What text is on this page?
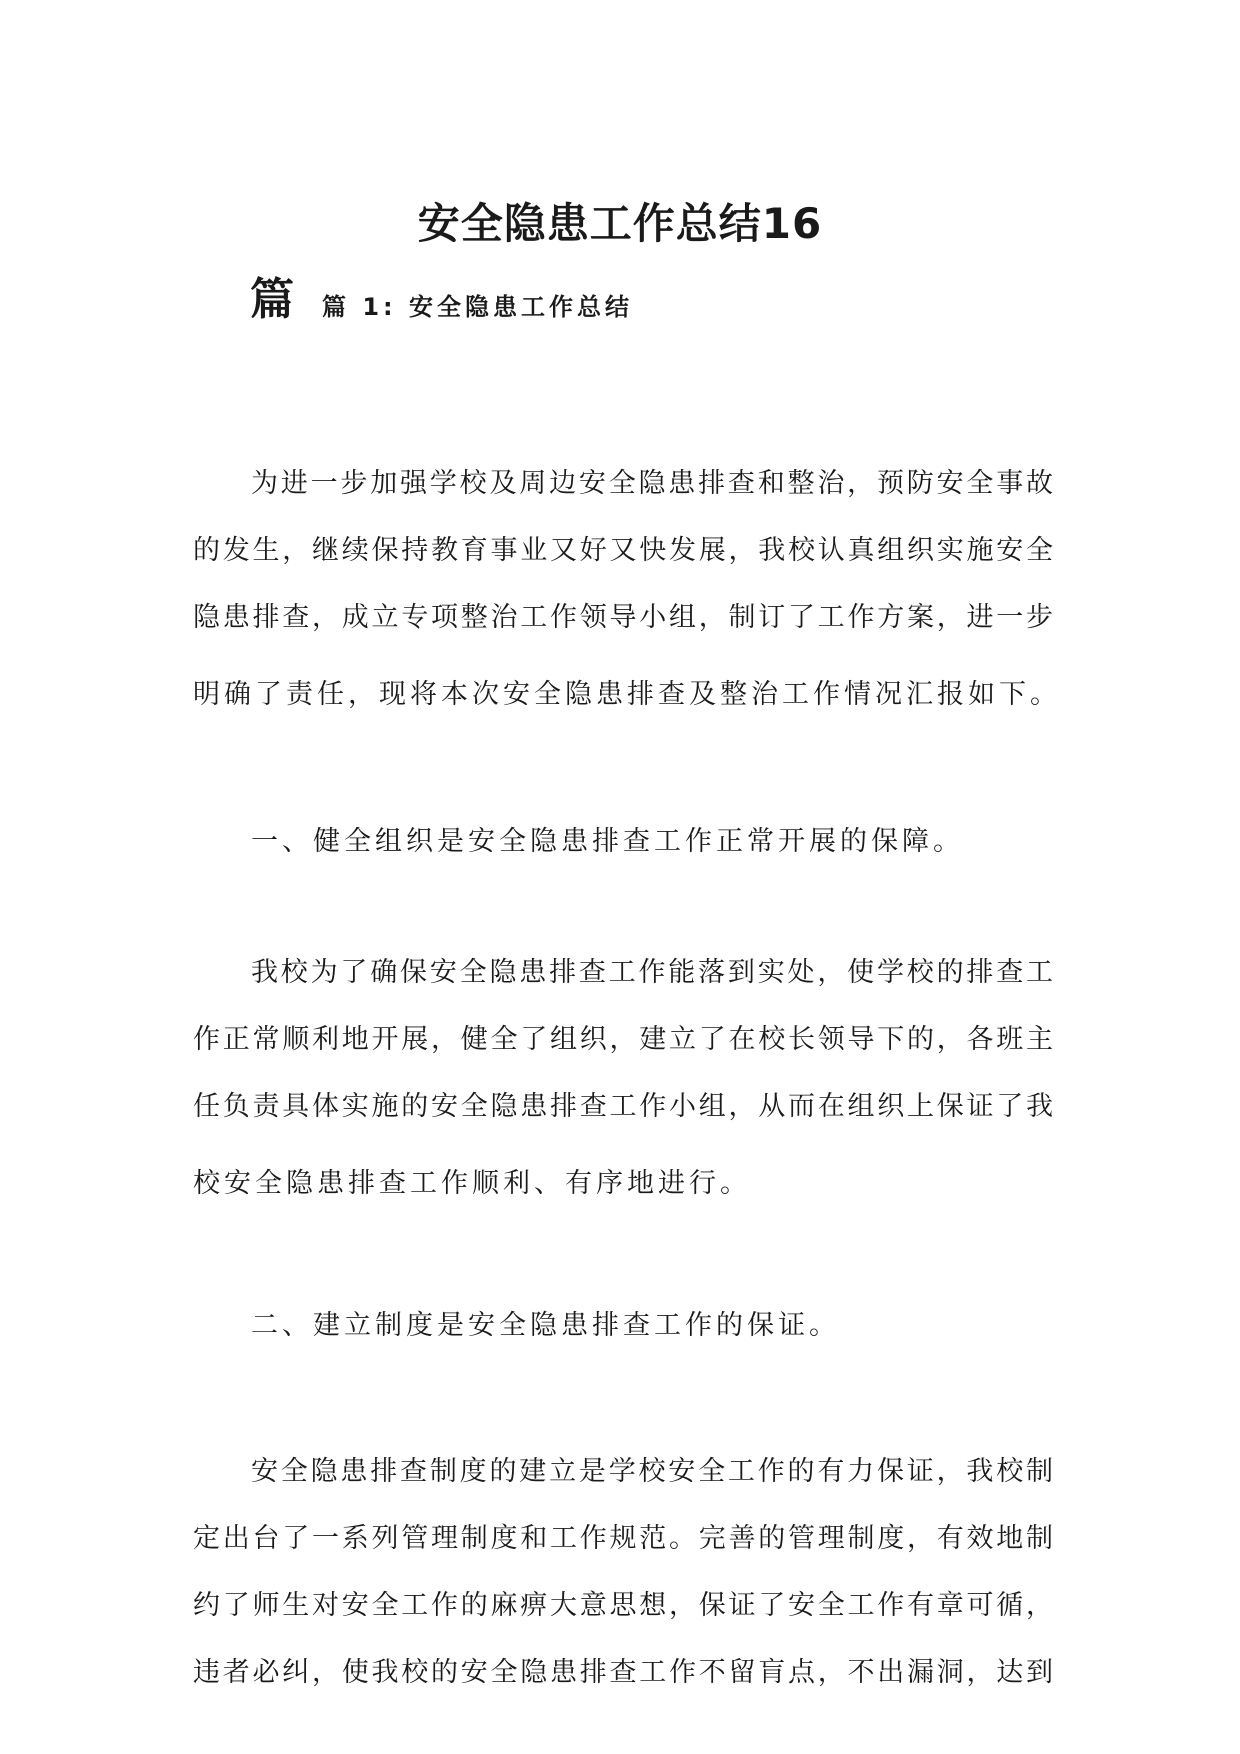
安全隐患工作总结16
篇 篇 1: 安全隐患工作总结
为进一步加强学校及周边安全隐患排查和整治，预防安全事故
的发生，继续保持教育事业又好又快发展，我校认真组织实施安全
隐患排查，成立专项整治工作领导小组，制订了工作方案，进一步
明确了责任，现将本次安全隐患排查及整治工作情况汇报如下。
一、健全组织是安全隐患排查工作正常开展的保障。
我校为了确保安全隐患排查工作能落到实处，使学校的排查工
作正常顺利地开展，健全了组织，建立了在校长领导下的，各班主
任负责具体实施的安全隐患排查工作小组，从而在组织上保证了我
校安全隐患排查工作顺利、有序地进行。
二、建立制度是安全隐患排查工作的保证。
安全隐患排查制度的建立是学校安全工作的有力保证，我校制
定出台了一系列管理制度和工作规范。完善的管理制度，有效地制
约了师生对安全工作的麻痹大意思想，保证了安全工作有章可循，
违者必纠，使我校的安全隐患排查工作不留肓点，不出漏洞，达到
